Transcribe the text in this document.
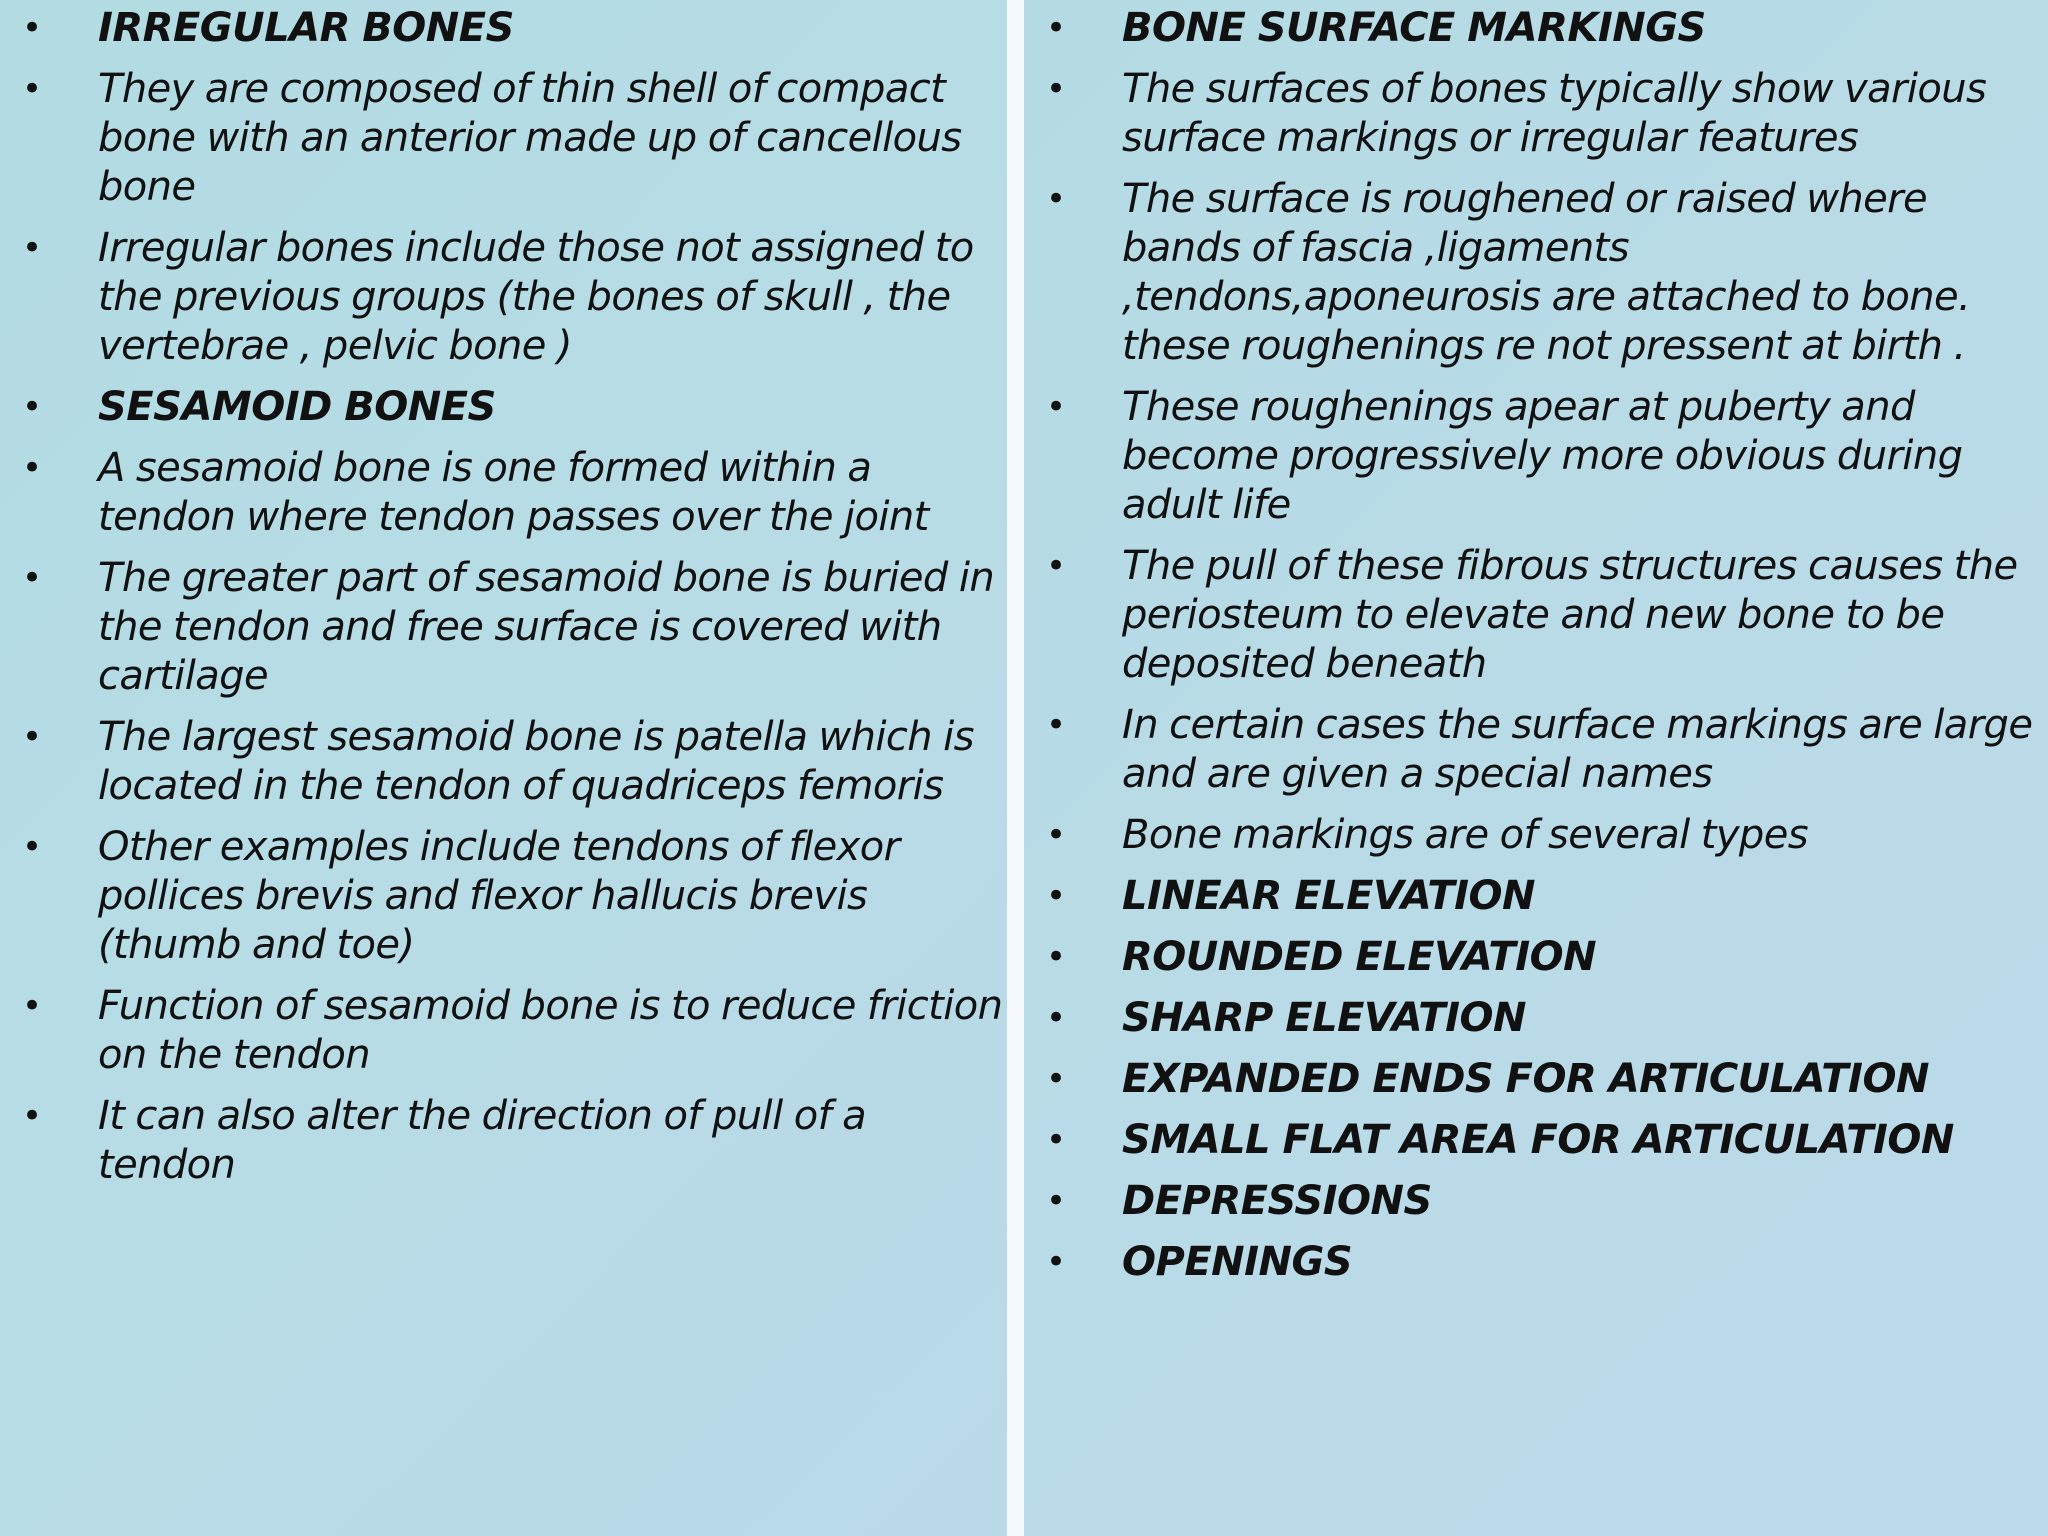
• IRREGULAR BONES
• They are composed of thin shell of compact bone with an anterior made up of cancellous bone
• Irregular bones include those not assigned to the previous groups (the bones of skull , the vertebrae , pelvic bone )
• SESAMOID BONES
• A sesamoid bone is one formed within a tendon where tendon passes over the joint
• The greater part of sesamoid bone is buried in the tendon and free surface is covered with cartilage
• The largest sesamoid bone is patella which is located in the tendon of quadriceps femoris
• Other examples include tendons of flexor pollices brevis and flexor hallucis brevis (thumb and toe)
• Function of sesamoid bone is to reduce friction on the tendon
• It can also alter the direction of pull of a tendon
• BONE SURFACE MARKINGS
• The surfaces of bones typically show various surface markings or irregular features
• The surface is roughened or raised where bands of fascia ,ligaments ,tendons,aponeurosis are attached to bone. these roughenings re not pressent at birth .
• These roughenings apear at puberty and become progressively more obvious during adult life
• The pull of these fibrous structures causes the periosteum to elevate and new bone to be deposited beneath
• In certain cases the surface markings are large and are given a special names
• Bone markings are of several types
• LINEAR ELEVATION
• ROUNDED ELEVATION
• SHARP ELEVATION
• EXPANDED ENDS FOR ARTICULATION
• SMALL FLAT AREA FOR ARTICULATION
• DEPRESSIONS
• OPENINGS
